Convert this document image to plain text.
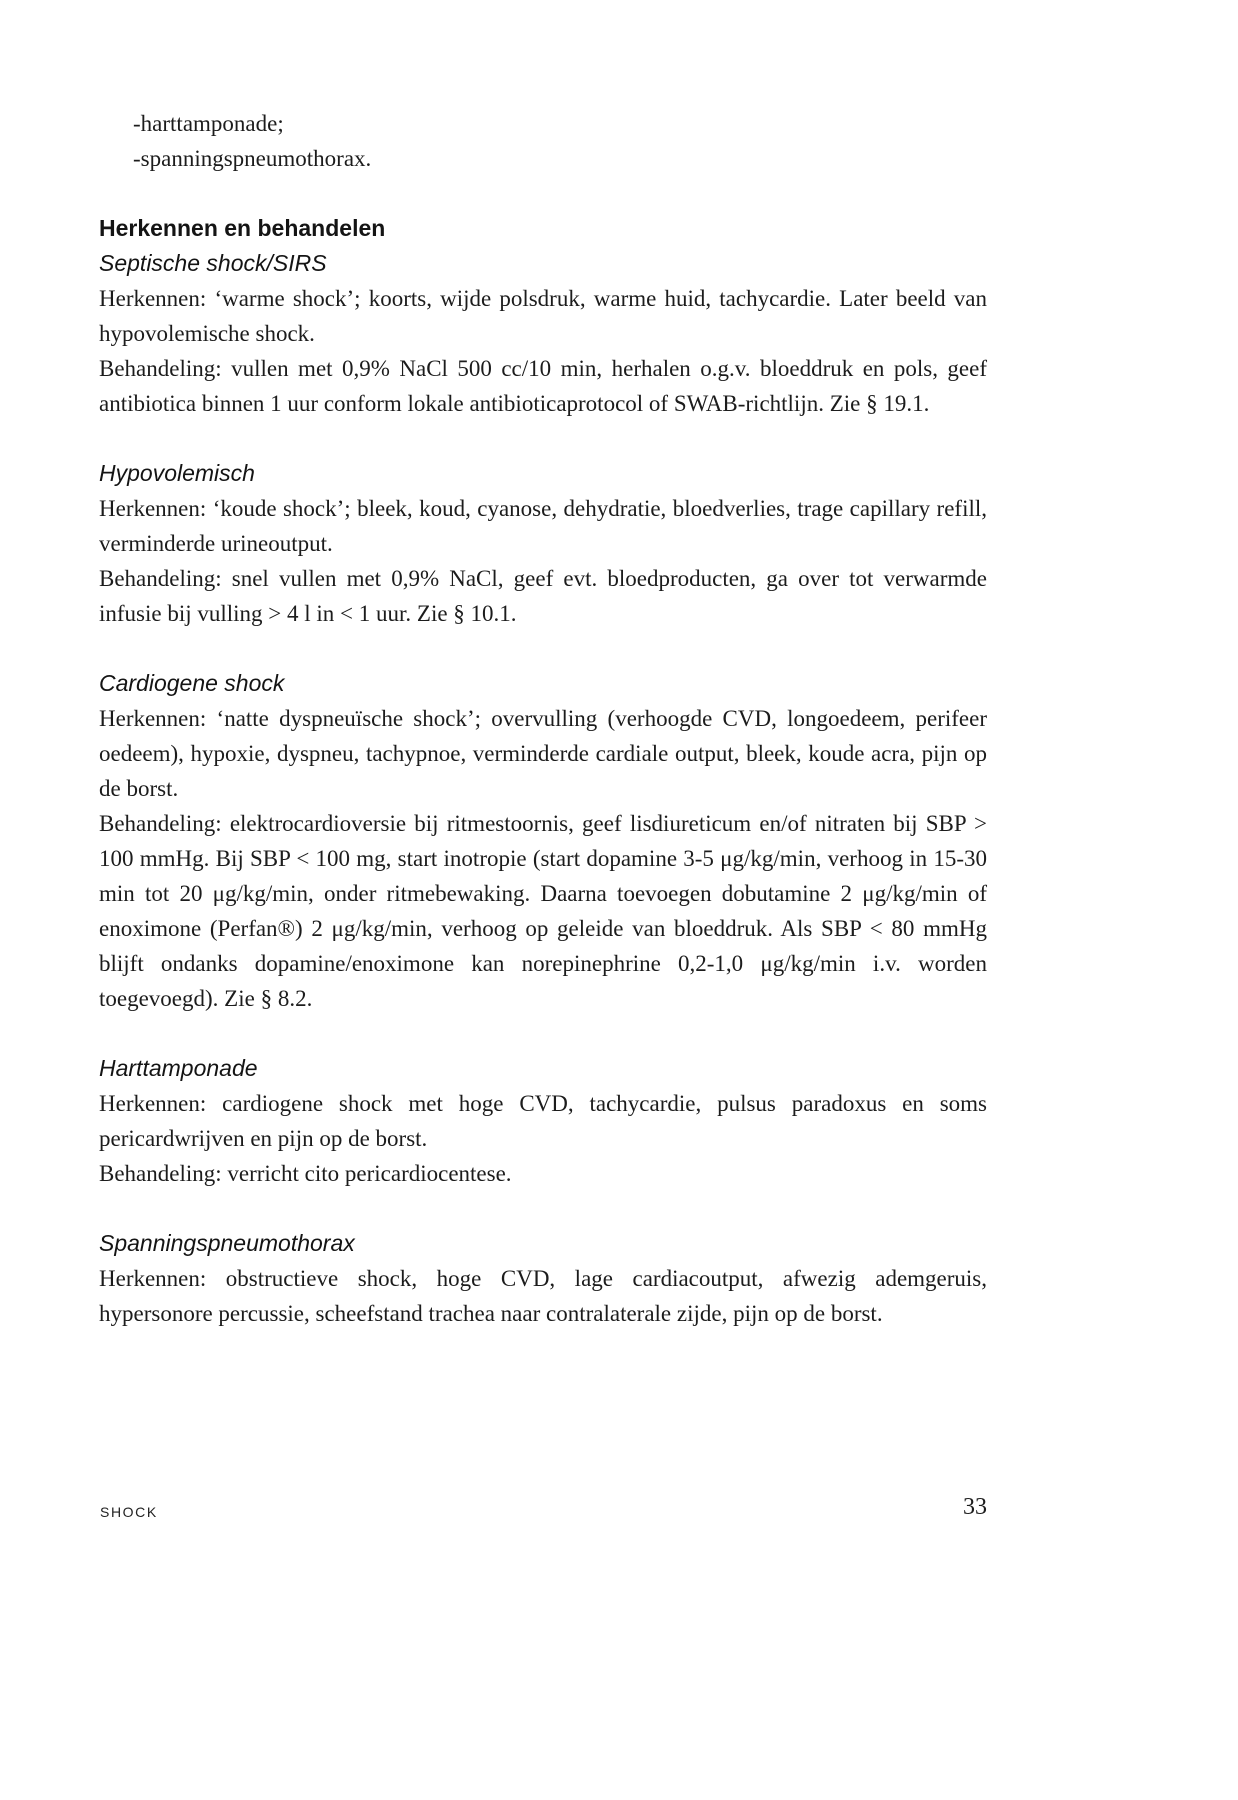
- harttamponade;
- spanningspneumothorax.
Herkennen en behandelen
Septische shock/SIRS

Herkennen: ‘warme shock’; koorts, wijde polsdruk, warme huid, tachycardie. Later beeld van hypovolemische shock.

Behandeling: vullen met 0,9% NaCl 500 cc/10 min, herhalen o.g.v. bloeddruk en pols, geef antibiotica binnen 1 uur conform lokale antibioticaprotocol of SWAB-richtlijn. Zie § 19.1.

Hypovolemisch

Herkennen: ‘koude shock’; bleek, koud, cyanose, dehydratie, bloedverlies, trage capillary refill, verminderde urineoutput.

Behandeling: snel vullen met 0,9% NaCl, geef evt. bloedproducten, ga over tot verwarmde infusie bij vulling > 4 l in < 1 uur. Zie § 10.1.

Cardiogene shock

Herkennen: ‘natte dyspneuïsche shock’; overvulling (verhoogde CVD, longoedeem, perifeer oedeem), hypoxie, dyspneu, tachypnoe, verminderde cardiale output, bleek, koude acra, pijn op de borst.

Behandeling: elektrocardioversie bij ritmestoornis, geef lisdiureticum en/of nitraten bij SBP > 100 mmHg. Bij SBP < 100 mg, start inotropie (start dopamine 3-5 μg/kg/min, verhoog in 15-30 min tot 20 μg/kg/min, onder ritmebewaking. Daarna toevoegen dobutamine 2 μg/kg/min of enoximone (Perfan®) 2 μg/kg/min, verhoog op geleide van bloeddruk. Als SBP < 80 mmHg blijft ondanks dopamine/enoximone kan norepinephrine 0,2-1,0 μg/kg/min i.v. worden toegevoegd). Zie § 8.2.

Harttamponade

Herkennen: cardiogene shock met hoge CVD, tachycardie, pulsus paradoxus en soms pericardwrijven en pijn op de borst.

Behandeling: verricht cito pericardiocentese.

Spanningspneumothorax

Herkennen: obstructieve shock, hoge CVD, lage cardiacoutput, afwezig ademgeruis, hypersonore percussie, scheefstand trachea naar contralaterale zijde, pijn op de borst.

SHOCK	33
